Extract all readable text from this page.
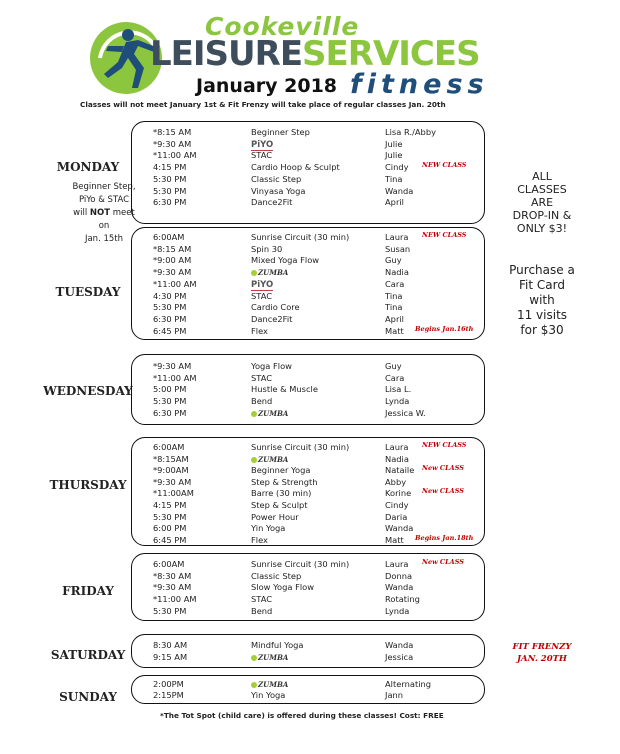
Cookeville
LEISURESERVICES
January 2018 fitness
Classes will not meet January 1st & Fit Frenzy will take place of regular classes Jan. 20th
MONDAY
Beginner Step,
PiYo & STAC
will NOT meet
on
Jan. 15th
TUESDAY
WEDNESDAY
THURSDAY
FRIDAY
SATURDAY
SUNDAY
*8:15 AM	Beginner Step	Lisa R./Abby
*9:30 AM	PiYO	Julie
*11:00 AM	STAC	Julie
4:15 PM	Cardio Hoop & Sculpt	Cindy NEW CLASS
5:30 PM	Classic Step	Tina
5:30 PM	Vinyasa Yoga	Wanda
6:30 PM	Dance2Fit	April
6:00AM	Sunrise Circuit (30 min)	Laura NEW CLASS
*8:15 AM	Spin 30	Susan
*9:00 AM	Mixed Yoga Flow	Guy
*9:30 AM	ZUMBA	Nadia
*11:00 AM	PiYO	Cara
4:30 PM	STAC	Tina
5:30 PM	Cardio Core	Tina
6:30 PM	Dance2Fit	April
6:45 PM	Flex	Matt Begins Jan.16th
*9:30 AM	Yoga Flow	Guy
*11:00 AM	STAC	Cara
5:00 PM	Hustle & Muscle	Lisa L.
5:30 PM	Bend	Lynda
6:30 PM	ZUMBA	Jessica W.
6:00AM	Sunrise Circuit (30 min)	Laura NEW CLASS
*8:15AM	ZUMBA	Nadia
*9:00AM	Beginner Yoga	Nataile New CLASS
*9:30 AM	Step & Strength	Abby
*11:00AM	Barre (30 min)	Korine New CLASS
4:15 PM	Step & Sculpt	Cindy
5:30 PM	Power Hour	Daria
6:00 PM	Yin Yoga	Wanda
6:45 PM	Flex	Matt Begins Jan.18th
6:00AM	Sunrise Circuit (30 min)	Laura New CLASS
*8:30 AM	Classic Step	Donna
*9:30 AM	Slow Yoga Flow	Wanda
*11:00 AM	STAC	Rotating
5:30 PM	Bend	Lynda
8:30 AM	Mindful Yoga	Wanda
9:15 AM	ZUMBA	Jessica
2:00PM	ZUMBA	Alternating
2:15PM	Yin Yoga	Jann
ALL
CLASSES
ARE
DROP-IN &
ONLY $3!
Purchase a
Fit Card
with
11 visits
for $30
FIT FRENZY
JAN. 20TH
*The Tot Spot (child care) is offered during these classes! Cost: FREE
